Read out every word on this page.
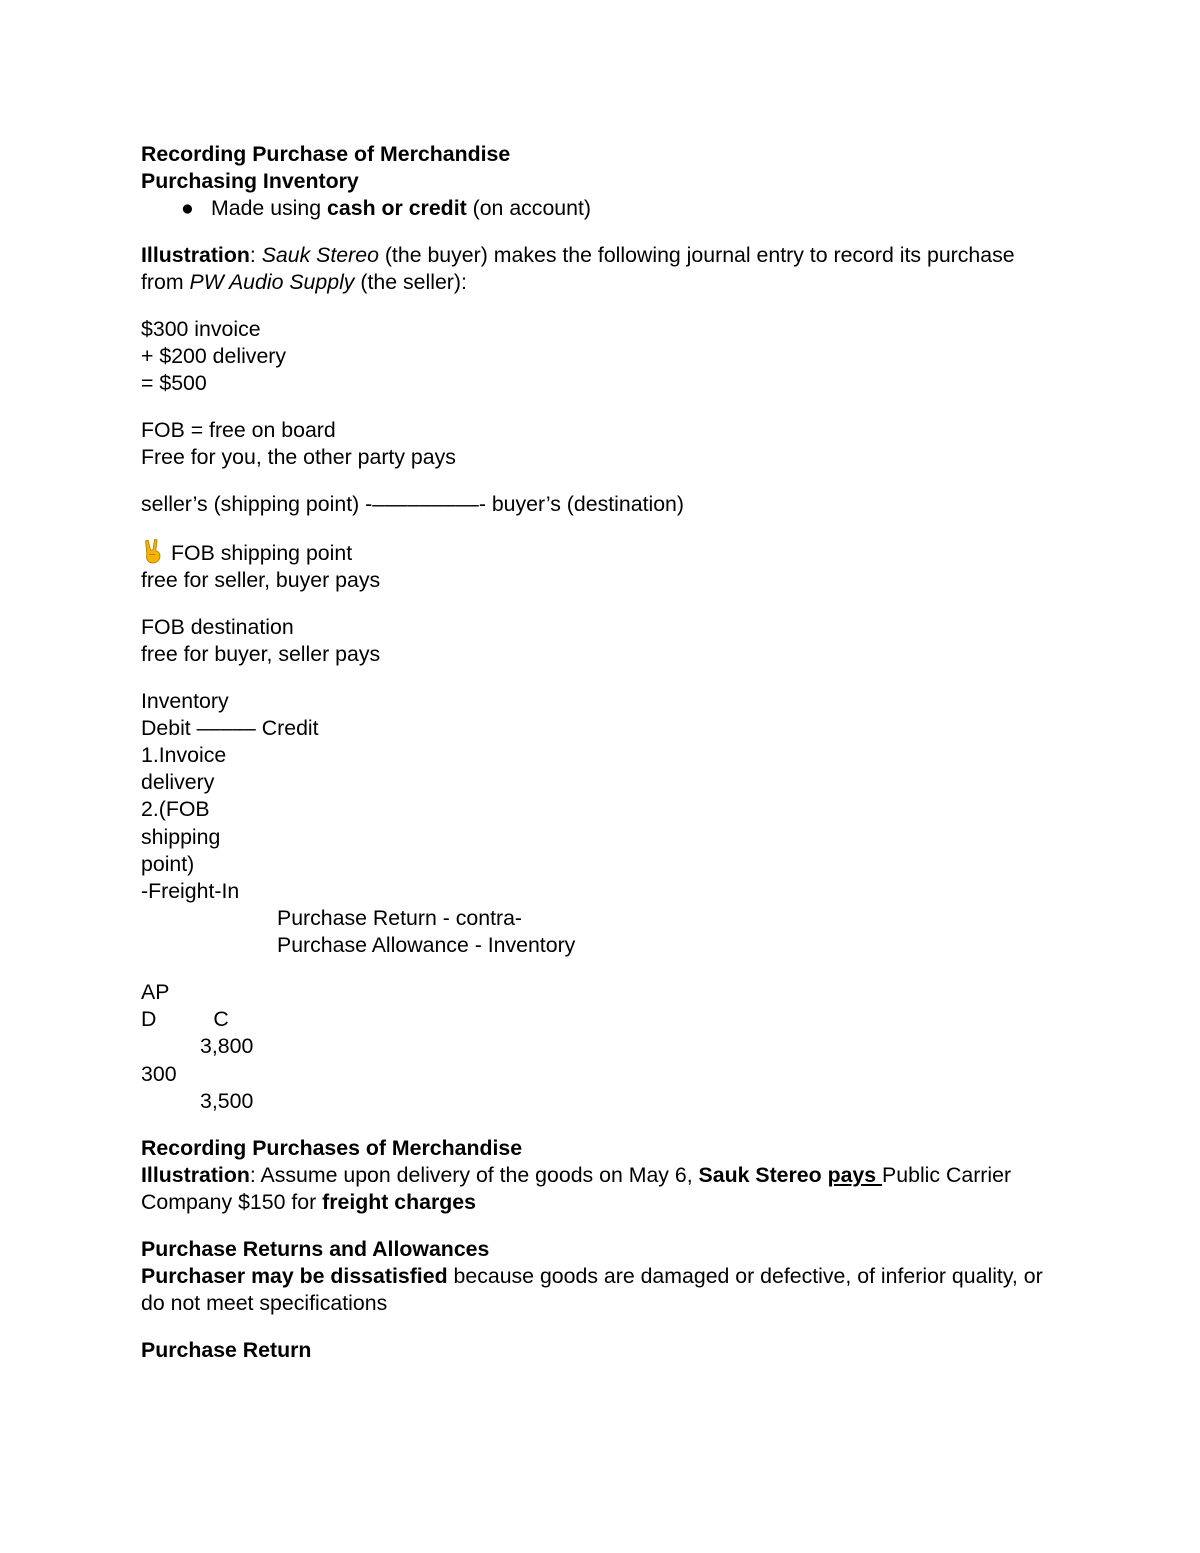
Recording Purchase of Merchandise
Purchasing Inventory
● Made using cash or credit (on account)
Illustration: Sauk Stereo (the buyer) makes the following journal entry to record its purchase from PW Audio Supply (the seller):
$300 invoice
+ $200 delivery
= $500
FOB = free on board
Free for you, the other party pays
seller’s (shipping point) -–––––––––- buyer’s (destination)
FOB shipping point
free for seller, buyer pays
FOB destination
free for buyer, seller pays
Inventory
Debit ––––– Credit
1.Invoice
delivery
2.(FOB
shipping
point)
-Freight-In
Purchase Return - contra-
Purchase Allowance - Inventory
AP
D	C
3,800
300
3,500
Recording Purchases of Merchandise
Illustration: Assume upon delivery of the goods on May 6, Sauk Stereo pays Public Carrier Company $150 for freight charges
Purchase Returns and Allowances
Purchaser may be dissatisfied because goods are damaged or defective, of inferior quality, or do not meet specifications
Purchase Return
